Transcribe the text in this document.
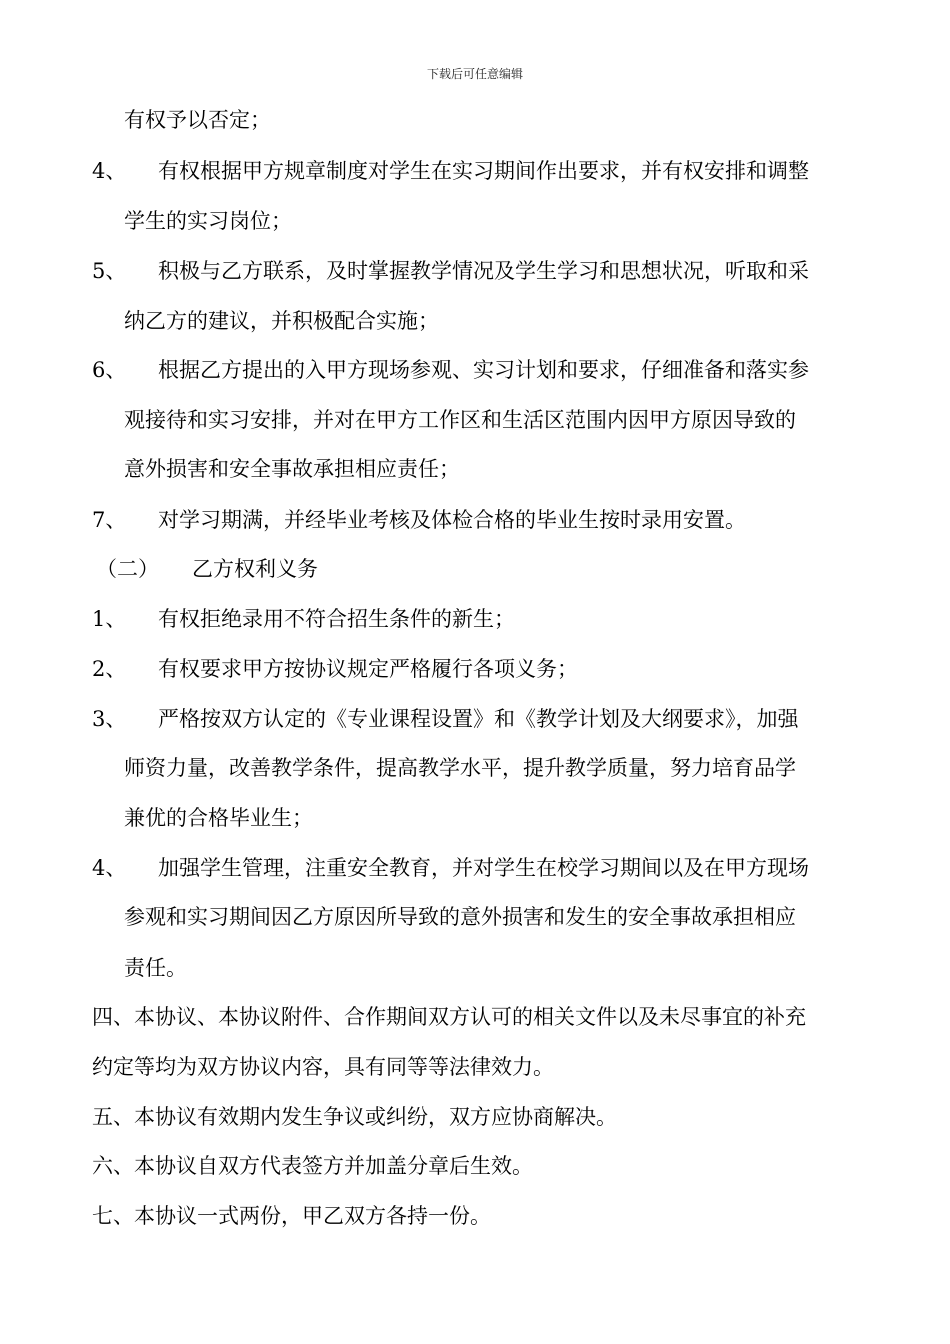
下载后可任意编辑
有权予以否定；
4、 有权根据甲方规章制度对学生在实习期间作出要求，并有权安排和调整
学生的实习岗位；
5、 积极与乙方联系，及时掌握教学情况及学生学习和思想状况，听取和采
纳乙方的建议，并积极配合实施；
6、 根据乙方提出的入甲方现场参观、实习计划和要求，仔细准备和落实参
观接待和实习安排，并对在甲方工作区和生活区范围内因甲方原因导致的
意外损害和安全事故承担相应责任；
7、 对学习期满，并经毕业考核及体检合格的毕业生按时录用安置。
（二） 乙方权利义务
1、 有权拒绝录用不符合招生条件的新生；
2、 有权要求甲方按协议规定严格履行各项义务；
3、 严格按双方认定的《专业课程设置》和《教学计划及大纲要求》，加强
师资力量，改善教学条件，提高教学水平，提升教学质量，努力培育品学
兼优的合格毕业生；
4、 加强学生管理，注重安全教育，并对学生在校学习期间以及在甲方现场
参观和实习期间因乙方原因所导致的意外损害和发生的安全事故承担相应
责任。
四、本协议、本协议附件、合作期间双方认可的相关文件以及未尽事宜的补充
约定等均为双方协议内容，具有同等等法律效力。
五、本协议有效期内发生争议或纠纷，双方应协商解决。
六、本协议自双方代表签方并加盖分章后生效。
七、本协议一式两份，甲乙双方各持一份。
